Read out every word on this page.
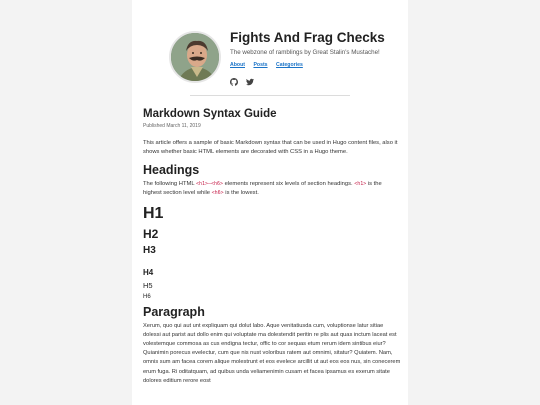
Fights And Frag Checks
The webzone of ramblings by Great Stalin's Mustache!
About Posts Categories

Markdown Syntax Guide
Published March 11, 2019

This article offers a sample of basic Markdown syntax that can be used in Hugo content files, also it shows whether basic HTML elements are decorated with CSS in a Hugo theme.

Headings

The following HTML <h1>—<h6> elements represent six levels of section headings. <h1> is the highest section level while <h6> is the lowest.

H1
H2
H3
H4
H5
H6
Paragraph

Xerum, quo qui aut unt expliquam qui dolut labo. Aque venitatiusda cum, voluptionse latur sitiae dolessi aut parist aut dollo enim qui voluptate ma dolestendit peritin re plis aut quas inctum laceat est volestemque commosa as cus endigna tectur, offic to cor sequas etum rerum idem sintibus eiur? Quianimin porecus evelectur, cum que nis nust voloribus ratem aut omnimi, sitatur? Quiatem. Nam, omnis sum am facea corem alique molestrunt et eos evelece arcillit ut aut eos eos nus, sin conecerem erum fuga. Ri oditatquam, ad quibus unda veliamenimin cusam et facea ipsamus es exerum sitate dolores editium rerore eost
